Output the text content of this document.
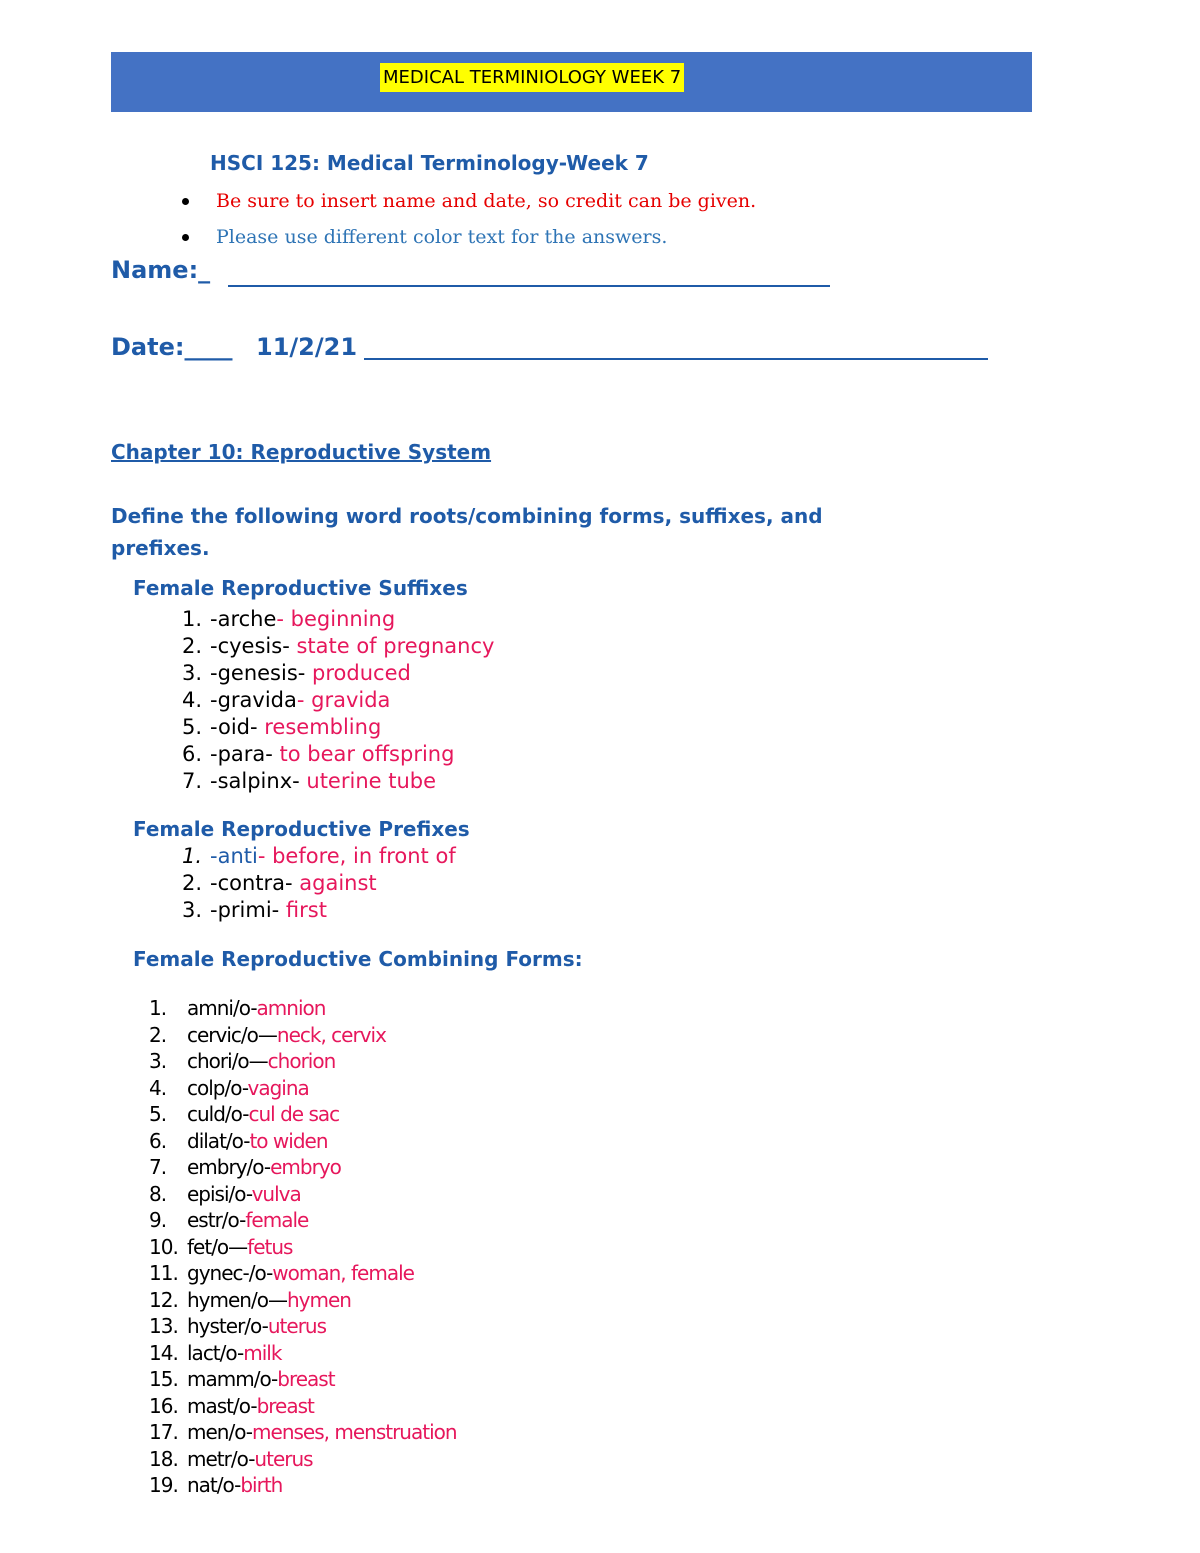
MEDICAL TERMINIOLOGY WEEK 7
HSCI 125: Medical Terminology-Week 7
Be sure to insert name and date, so credit can be given.
Please use different color text for the answers.
Name:_
Date:____ 11/2/21
Chapter 10: Reproductive System
Define the following word roots/combining forms, suffixes, and prefixes.
Female Reproductive Suffixes
1. -arche- beginning
2. -cyesis- state of pregnancy
3. -genesis- produced
4. -gravida- gravida
5. -oid- resembling
6. -para- to bear offspring
7. -salpinx- uterine tube
Female Reproductive Prefixes
1. -anti- before, in front of
2. -contra- against
3. -primi- first
Female Reproductive Combining Forms:
1. amni/o-amnion
2. cervic/o—neck, cervix
3. chori/o—chorion
4. colp/o-vagina
5. culd/o-cul de sac
6. dilat/o-to widen
7. embry/o-embryo
8. episi/o-vulva
9. estr/o-female
10. fet/o—fetus
11. gynec-/o-woman, female
12. hymen/o—hymen
13. hyster/o-uterus
14. lact/o-milk
15. mamm/o-breast
16. mast/o-breast
17. men/o-menses, menstruation
18. metr/o-uterus
19. nat/o-birth
